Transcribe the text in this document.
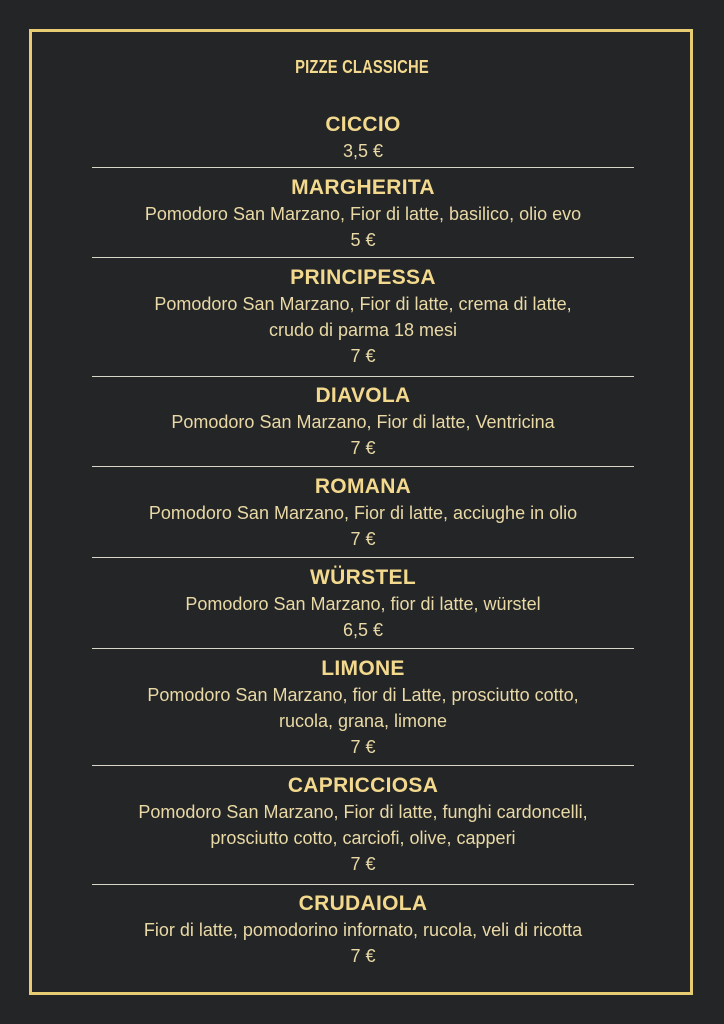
PIZZE CLASSICHE
CICCIO
3,5 €
MARGHERITA
Pomodoro San Marzano, Fior di latte, basilico, olio evo
5 €
PRINCIPESSA
Pomodoro San Marzano, Fior di latte, crema di latte,
crudo di parma 18 mesi
7 €
DIAVOLA
Pomodoro San Marzano, Fior di latte, Ventricina
7 €
ROMANA
Pomodoro San Marzano, Fior di latte, acciughe in olio
7 €
WÜRSTEL
Pomodoro San Marzano, fior di latte, würstel
6,5 €
LIMONE
Pomodoro San Marzano, fior di Latte, prosciutto cotto,
rucola, grana, limone
7 €
CAPRICCIOSA
Pomodoro San Marzano, Fior di latte, funghi cardoncelli,
prosciutto cotto, carciofi, olive, capperi
7 €
CRUDAIOLA
Fior di latte, pomodorino infornato, rucola, veli di ricotta
7 €
